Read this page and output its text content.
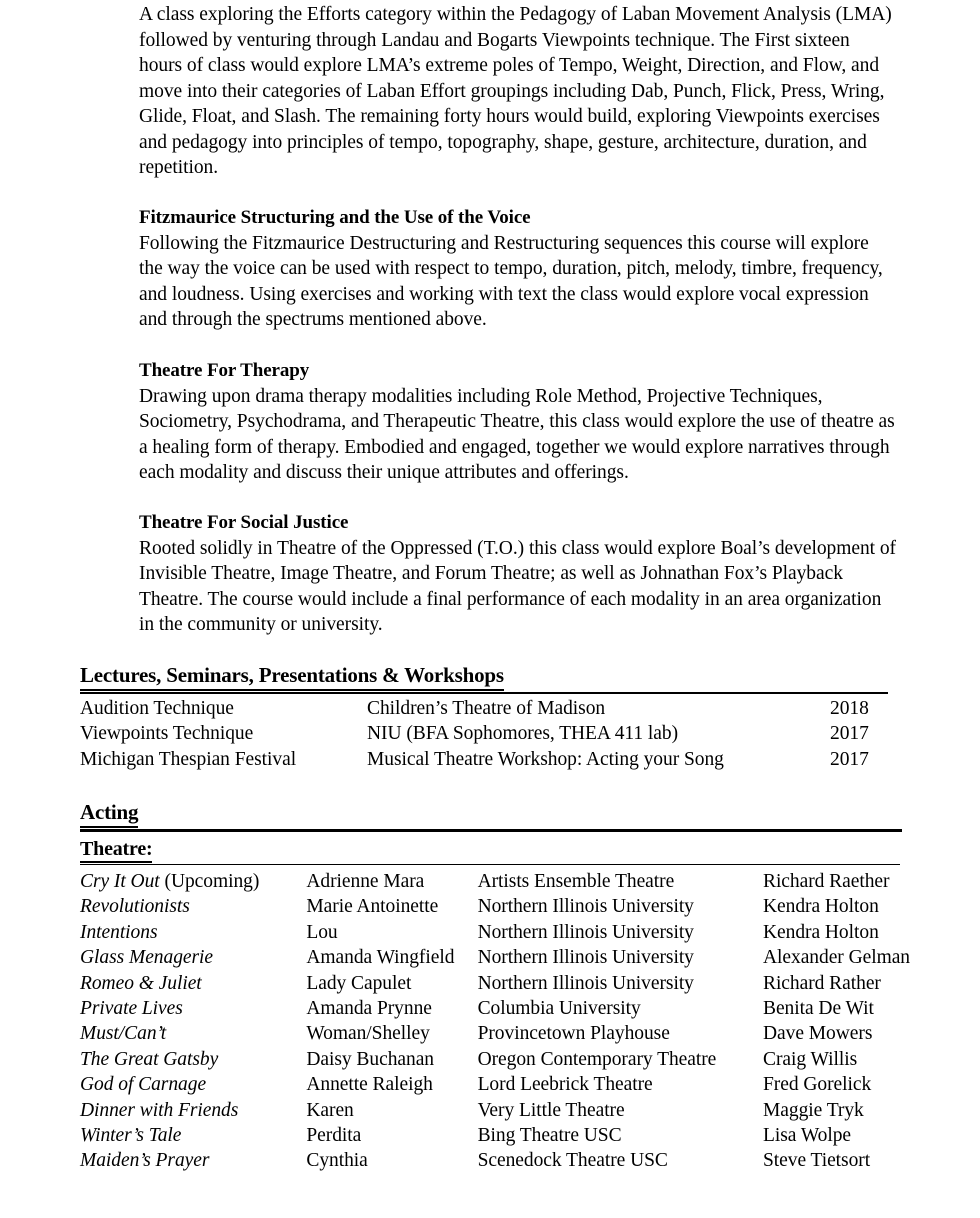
A class exploring the Efforts category within the Pedagogy of Laban Movement Analysis (LMA) followed by venturing through Landau and Bogarts Viewpoints technique. The First sixteen hours of class would explore LMA’s extreme poles of Tempo, Weight, Direction, and Flow, and move into their categories of Laban Effort groupings including Dab, Punch, Flick, Press, Wring, Glide, Float, and Slash. The remaining forty hours would build, exploring Viewpoints exercises and pedagogy into principles of tempo, topography, shape, gesture, architecture, duration, and repetition.
Fitzmaurice Structuring and the Use of the Voice
Following the Fitzmaurice Destructuring and Restructuring sequences this course will explore the way the voice can be used with respect to tempo, duration, pitch, melody, timbre, frequency, and loudness. Using exercises and working with text the class would explore vocal expression and through the spectrums mentioned above.
Theatre For Therapy
Drawing upon drama therapy modalities including Role Method, Projective Techniques, Sociometry, Psychodrama, and Therapeutic Theatre, this class would explore the use of theatre as a healing form of therapy. Embodied and engaged, together we would explore narratives through each modality and discuss their unique attributes and offerings.
Theatre For Social Justice
Rooted solidly in Theatre of the Oppressed (T.O.) this class would explore Boal’s development of Invisible Theatre, Image Theatre, and Forum Theatre; as well as Johnathan Fox’s Playback Theatre. The course would include a final performance of each modality in an area organization in the community or university.
Lectures, Seminars, Presentations & Workshops
Audition Technique	Children’s Theatre of Madison	2018
Viewpoints Technique	NIU (BFA Sophomores, THEA 411 lab)	2017
Michigan Thespian Festival	Musical Theatre Workshop: Acting your Song	2017
Acting
Theatre:
Cry It Out (Upcoming)	Adrienne Mara	Artists Ensemble Theatre	Richard Raether
Revolutionists	Marie Antoinette	Northern Illinois University	Kendra Holton
Intentions	Lou	Northern Illinois University	Kendra Holton
Glass Menagerie	Amanda Wingfield	Northern Illinois University	Alexander Gelman
Romeo & Juliet	Lady Capulet	Northern Illinois University	Richard Rather
Private Lives	Amanda Prynne	Columbia University	Benita De Wit
Must/Can’t	Woman/Shelley	Provincetown Playhouse	Dave Mowers
The Great Gatsby	Daisy Buchanan	Oregon Contemporary Theatre	Craig Willis
God of Carnage	Annette Raleigh	Lord Leebrick Theatre	Fred Gorelick
Dinner with Friends	Karen	Very Little Theatre	Maggie Tryk
Winter’s Tale	Perdita	Bing Theatre USC	Lisa Wolpe
Maiden’s Prayer	Cynthia	Scenedock Theatre USC	Steve Tietsort
